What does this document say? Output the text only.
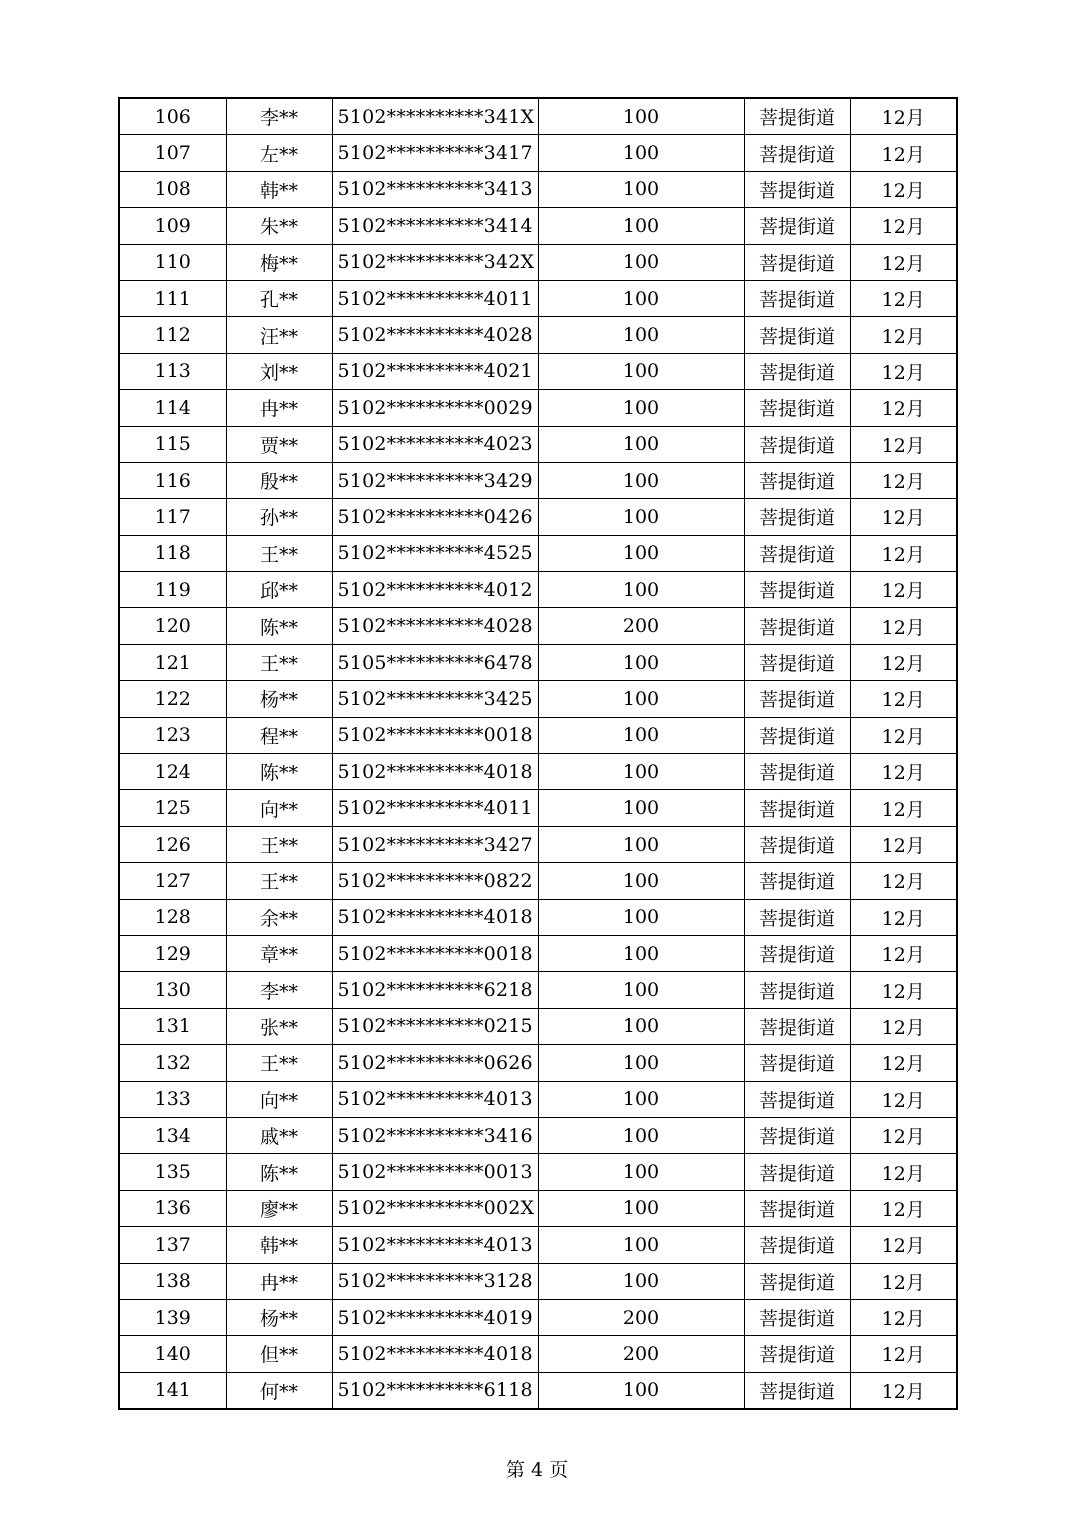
106	李**	5102**********341X	100	菩提街道	12月
107	左**	5102**********3417	100	菩提街道	12月
108	韩**	5102**********3413	100	菩提街道	12月
109	朱**	5102**********3414	100	菩提街道	12月
110	梅**	5102**********342X	100	菩提街道	12月
111	孔**	5102**********4011	100	菩提街道	12月
112	汪**	5102**********4028	100	菩提街道	12月
113	刘**	5102**********4021	100	菩提街道	12月
114	冉**	5102**********0029	100	菩提街道	12月
115	贾**	5102**********4023	100	菩提街道	12月
116	殷**	5102**********3429	100	菩提街道	12月
117	孙**	5102**********0426	100	菩提街道	12月
118	王**	5102**********4525	100	菩提街道	12月
119	邱**	5102**********4012	100	菩提街道	12月
120	陈**	5102**********4028	200	菩提街道	12月
121	王**	5105**********6478	100	菩提街道	12月
122	杨**	5102**********3425	100	菩提街道	12月
123	程**	5102**********0018	100	菩提街道	12月
124	陈**	5102**********4018	100	菩提街道	12月
125	向**	5102**********4011	100	菩提街道	12月
126	王**	5102**********3427	100	菩提街道	12月
127	王**	5102**********0822	100	菩提街道	12月
128	余**	5102**********4018	100	菩提街道	12月
129	章**	5102**********0018	100	菩提街道	12月
130	李**	5102**********6218	100	菩提街道	12月
131	张**	5102**********0215	100	菩提街道	12月
132	王**	5102**********0626	100	菩提街道	12月
133	向**	5102**********4013	100	菩提街道	12月
134	戚**	5102**********3416	100	菩提街道	12月
135	陈**	5102**********0013	100	菩提街道	12月
136	廖**	5102**********002X	100	菩提街道	12月
137	韩**	5102**********4013	100	菩提街道	12月
138	冉**	5102**********3128	100	菩提街道	12月
139	杨**	5102**********4019	200	菩提街道	12月
140	但**	5102**********4018	200	菩提街道	12月
141	何**	5102**********6118	100	菩提街道	12月
第 4 页
